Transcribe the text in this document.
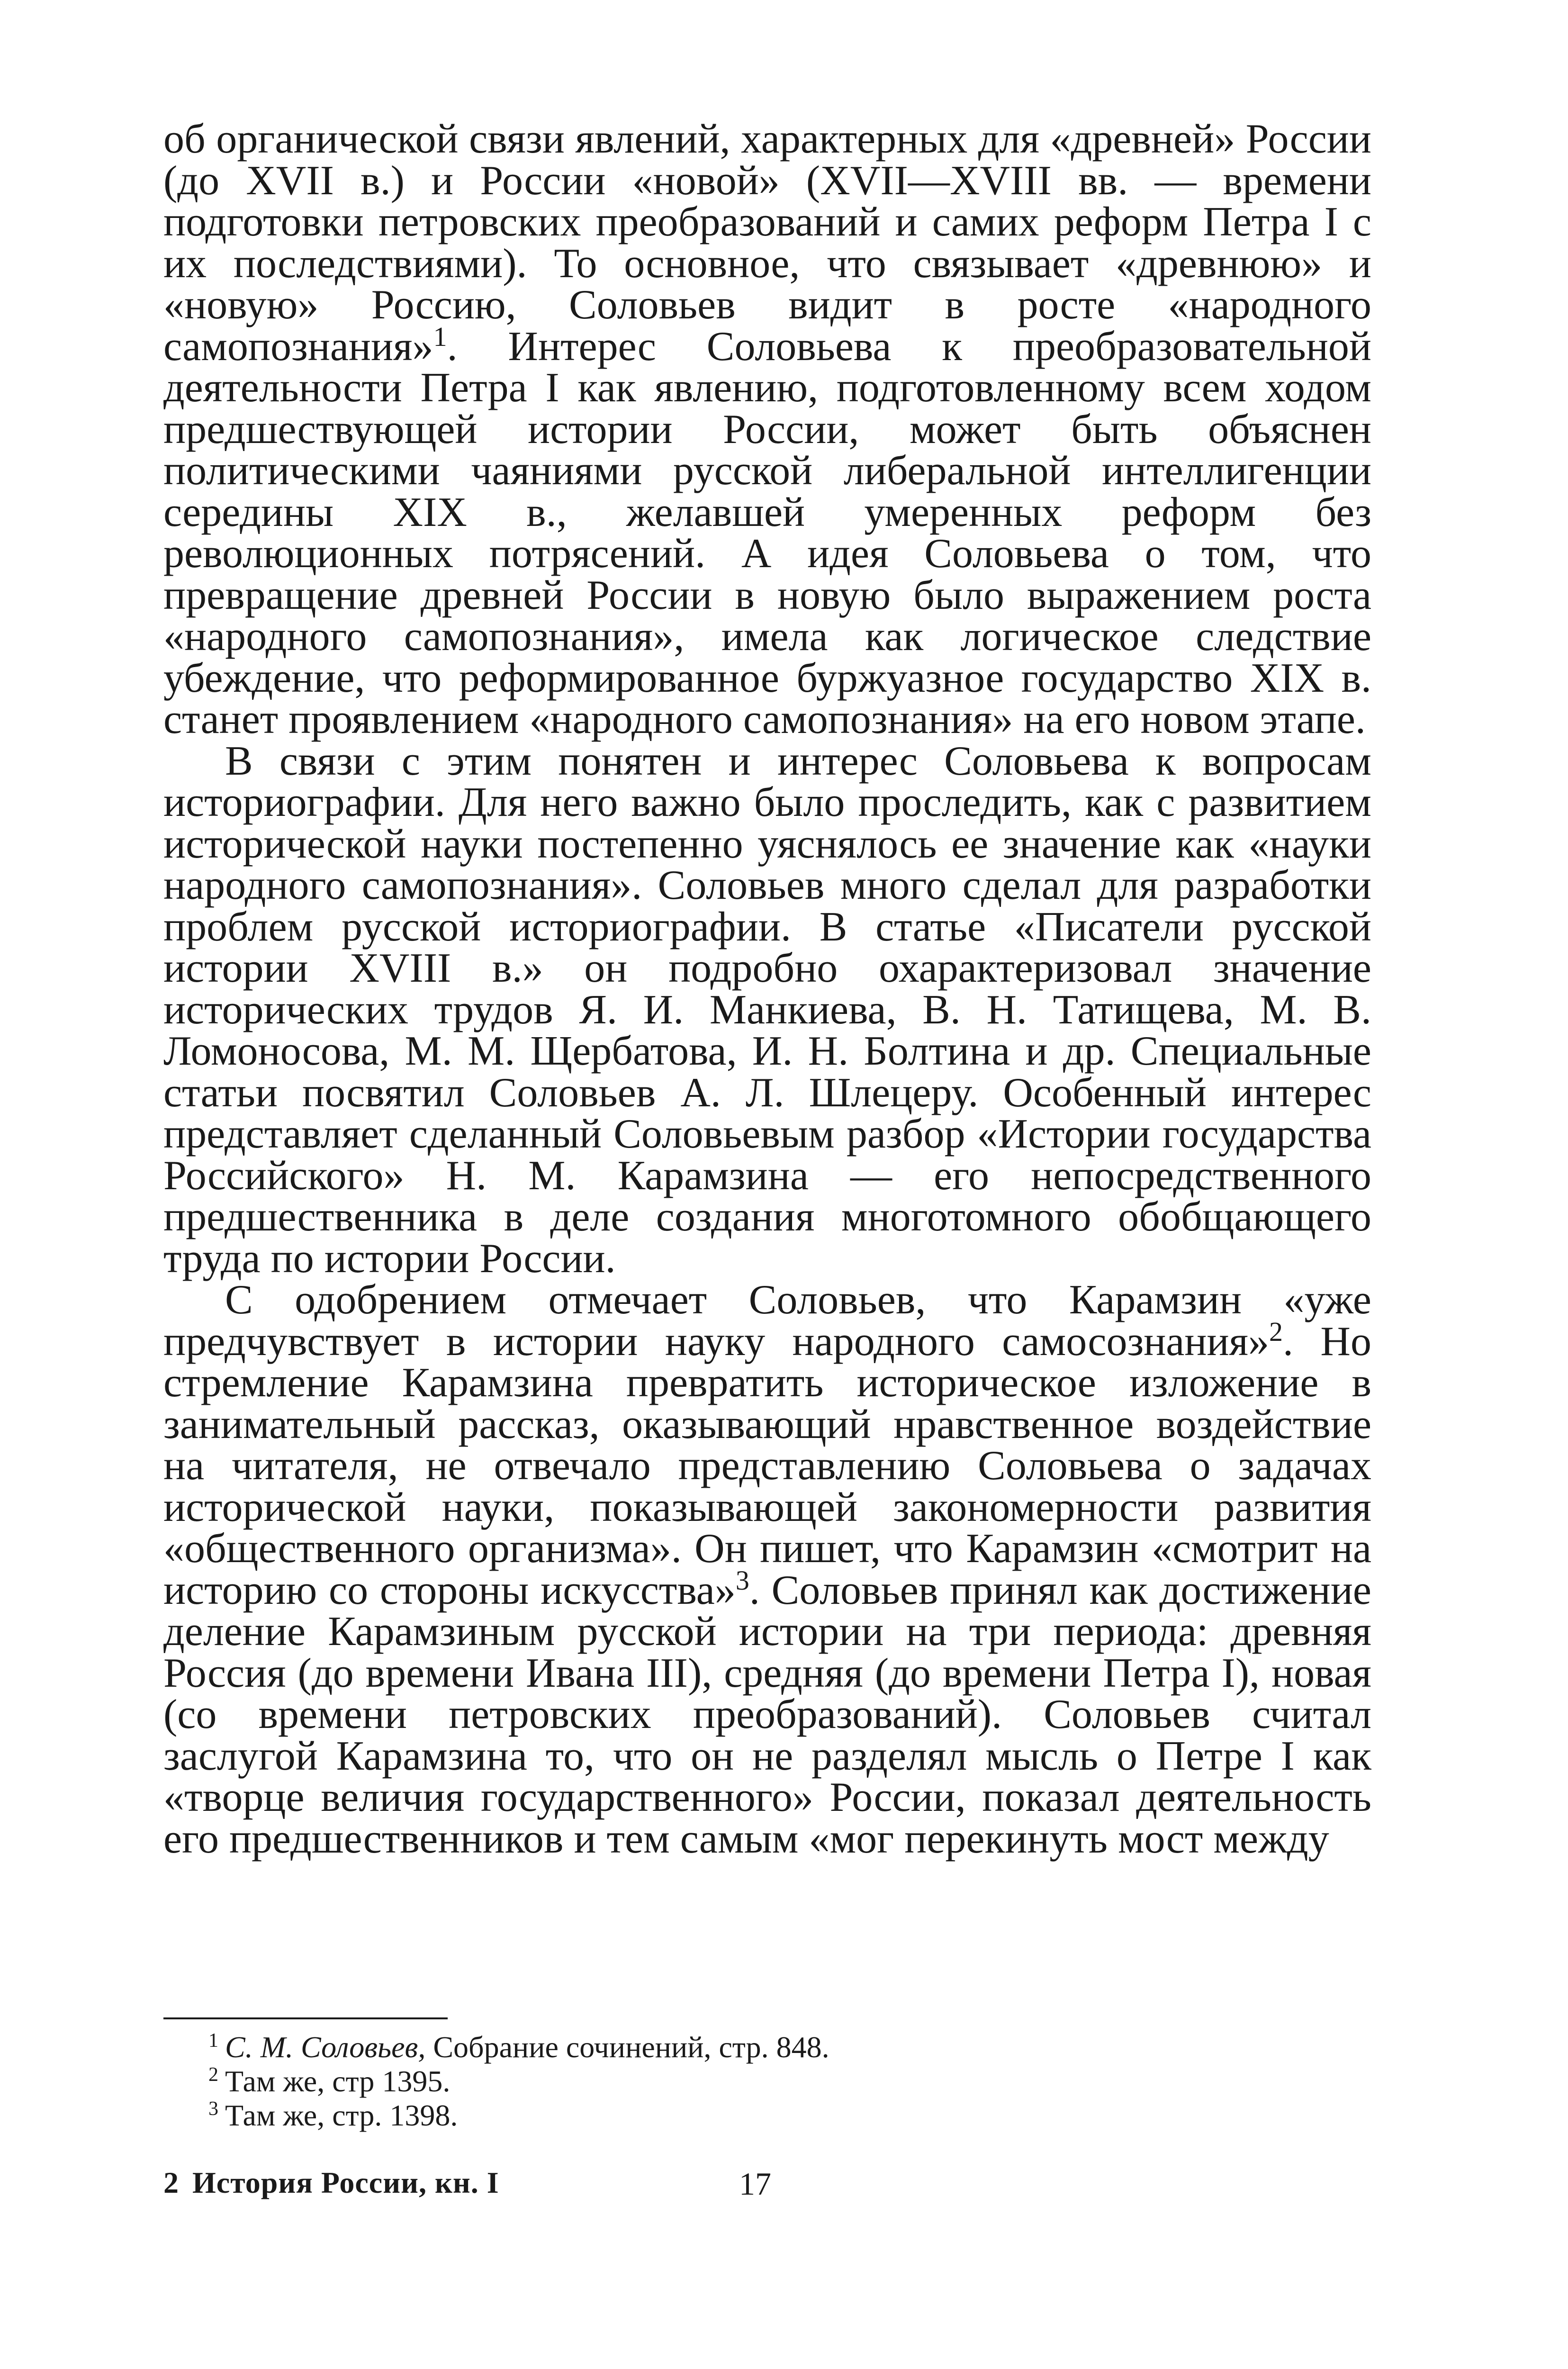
об органической связи явлений, характерных для «древней» России (до XVII в.) и России «новой» (XVII—XVIII вв. — времени подготовки петровских преобразований и самих реформ Петра I с их последствиями). То основное, что связывает «древнюю» и «новую» Россию, Соловьев видит в росте «народного самопознания»$^1$. Интерес Соловьева к преобразовательной деятельности Петра I как явлению, подготовленному всем ходом предшествующей истории России, может быть объяснен политическими чаяниями русской либеральной интеллигенции середины XIX в., желавшей умеренных реформ без революционных потрясений. А идея Соловьева о том, что превращение древней России в новую было выражением роста «народного самопознания», имела как логическое следствие убеждение, что реформированное буржуазное государство XIX в. станет проявлением «народного самопознания» на его новом этапе.

В связи с этим понятен и интерес Соловьева к вопросам историографии. Для него важно было проследить, как с развитием исторической науки постепенно уяснялось ее значение как «науки народного самопознания». Соловьев много сделал для разработки проблем русской историографии. В статье «Писатели русской истории XVIII в.» он подробно охарактеризовал значение исторических трудов Я. И. Манкиева, В. Н. Татищева, М. В. Ломоносова, М. М. Щербатова, И. Н. Болтина и др. Специальные статьи посвятил Соловьев А. Л. Шлецеру. Особенный интерес представляет сделанный Соловьевым разбор «Истории государства Российского» Н. М. Карамзина — его непосредственного предшественника в деле создания многотомного обобщающего труда по истории России.

С одобрением отмечает Соловьев, что Карамзин «уже предчувствует в истории науку народного самосознания»$^2$. Но стремление Карамзина превратить историческое изложение в занимательный рассказ, оказывающий нравственное воздействие на читателя, не отвечало представлению Соловьева о задачах исторической науки, показывающей закономерности развития «общественного организма». Он пишет, что Карамзин «смотрит на историю со стороны искусства»$^3$. Соловьев принял как достижение деление Карамзиным русской истории на три периода: древняя Россия (до времени Ивана III), средняя (до времени Петра I), новая (со времени петровских преобразований). Соловьев считал заслугой Карамзина то, что он не разделял мысль о Петре I как «творце величия государственного» России, показал деятельность его предшественников и тем самым «мог перекинуть мост между

$^1$ С. М. Соловьев, Собрание сочинений, стр. 848.
$^2$ Там же, стр 1395.
$^3$ Там же, стр. 1398.
2 История России, кн. I	17
